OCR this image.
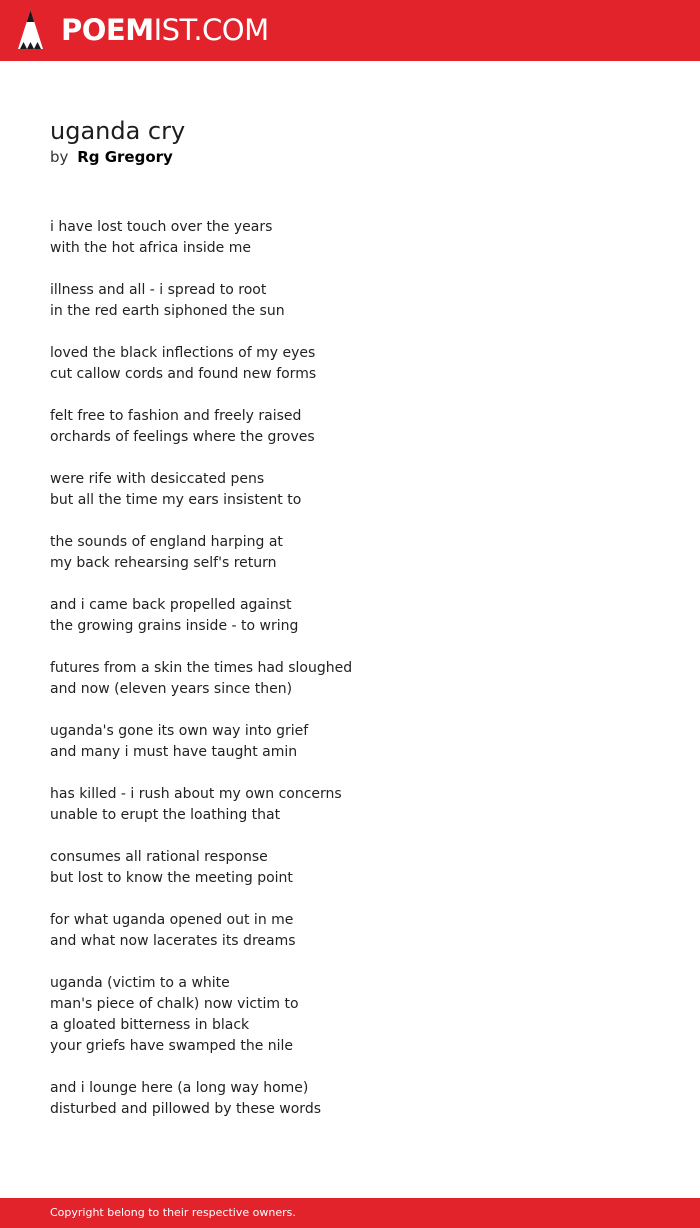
POEMIST.COM
uganda cry
by Rg Gregory
i have lost touch over the years
with the hot africa inside me
illness and all - i spread to root
in the red earth siphoned the sun
loved the black inflections of my eyes
cut callow cords and found new forms
felt free to fashion and freely raised
orchards of feelings where the groves
were rife with desiccated pens
but all the time my ears insistent to
the sounds of england harping at
my back rehearsing self's return
and i came back propelled against
the growing grains inside - to wring
futures from a skin the times had sloughed
and now (eleven years since then)
uganda's gone its own way into grief
and many i must have taught amin
has killed - i rush about my own concerns
unable to erupt the loathing that
consumes all rational response
but lost to know the meeting point
for what uganda opened out in me
and what now lacerates its dreams
uganda (victim to a white
man's piece of chalk) now victim to
a gloated bitterness in black
your griefs have swamped the nile
and i lounge here (a long way home)
disturbed and pillowed by these words
Copyright belong to their respective owners.
